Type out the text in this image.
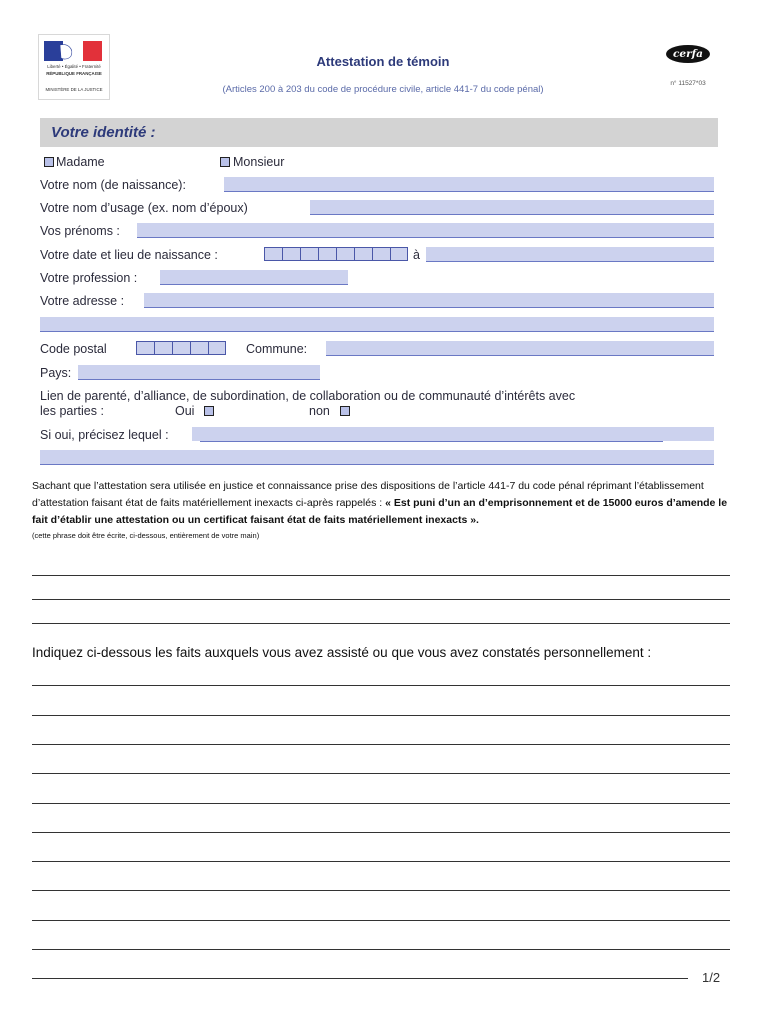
Liberté • Égalité • Fraternité
RÉPUBLIQUE FRANÇAISE
MINISTÈRE DE LA JUSTICE
Attestation de témoin
(Articles 200 à 203 du code de procédure civile, article 441-7 du code pénal)
cerfa
n° 11527*03
Votre identité :
Madame	Monsieur
Votre nom (de naissance):
Votre nom d’usage (ex. nom d’époux)
Vos prénoms :
Votre date et lieu de naissance :	à
Votre profession :
Votre adresse :
Code postal	Commune:
Pays:
Lien de parenté, d’alliance, de subordination, de collaboration ou de communauté d’intérêts avec
les parties :	Oui	non
Si oui, précisez lequel :
Sachant que l’attestation sera utilisée en justice et connaissance prise des dispositions de l’article 441-7 du code pénal réprimant l’établissement d’attestation faisant état de faits matériellement inexacts ci-après rappelés : « Est puni d’un an d’emprisonnement et de 15000 euros d’amende le fait d’établir une attestation ou un certificat faisant état de faits matériellement inexacts ».
(cette phrase doit être écrite, ci-dessous, entièrement de votre main)
Indiquez ci-dessous les faits auxquels vous avez assisté ou que vous avez constatés personnellement :
1/2
